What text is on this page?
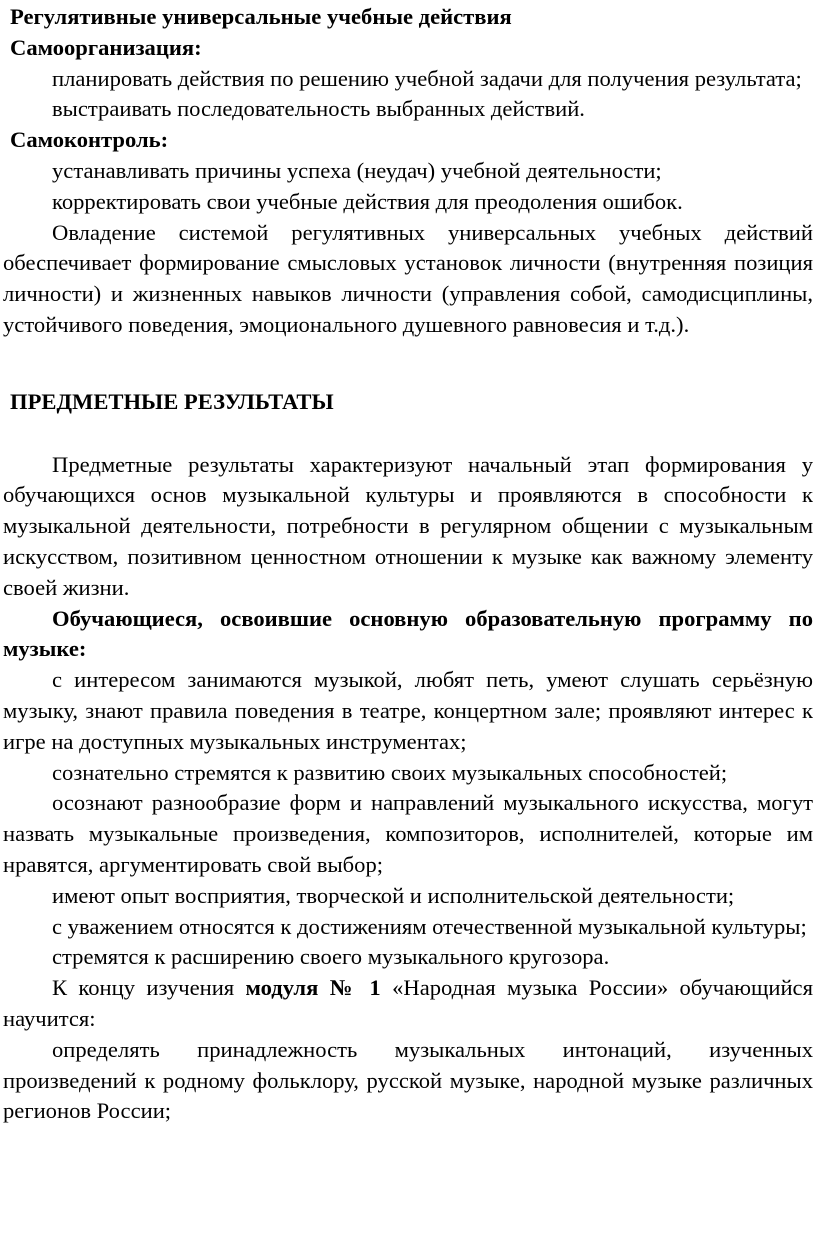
Регулятивные универсальные учебные действия

Самоорганизация:

планировать действия по решению учебной задачи для получения результата;

выстраивать последовательность выбранных действий.

Самоконтроль:

устанавливать причины успеха (неудач) учебной деятельности;

корректировать свои учебные действия для преодоления ошибок.

Овладение системой регулятивных универсальных учебных действий обеспечивает формирование смысловых установок личности (внутренняя позиция личности) и жизненных навыков личности (управления собой, самодисциплины, устойчивого поведения, эмоционального душевного равновесия и т.д.).

ПРЕДМЕТНЫЕ РЕЗУЛЬТАТЫ

Предметные результаты характеризуют начальный этап формирования у обучающихся основ музыкальной культуры и проявляются в способности к музыкальной деятельности, потребности в регулярном общении с музыкальным искусством, позитивном ценностном отношении к музыке как важному элементу своей жизни.

Обучающиеся, освоившие основную образовательную программу по музыке:

с интересом занимаются музыкой, любят петь, умеют слушать серьёзную музыку, знают правила поведения в театре, концертном зале; проявляют интерес к игре на доступных музыкальных инструментах;

сознательно стремятся к развитию своих музыкальных способностей;

осознают разнообразие форм и направлений музыкального искусства, могут назвать музыкальные произведения, композиторов, исполнителей, которые им нравятся, аргументировать свой выбор;

имеют опыт восприятия, творческой и исполнительской деятельности;

с уважением относятся к достижениям отечественной музыкальной культуры;

стремятся к расширению своего музыкального кругозора.

К концу изучения модуля № 1 «Народная музыка России» обучающийся научится:

определять принадлежность музыкальных интонаций, изученных произведений к родному фольклору, русской музыке, народной музыке различных регионов России;
